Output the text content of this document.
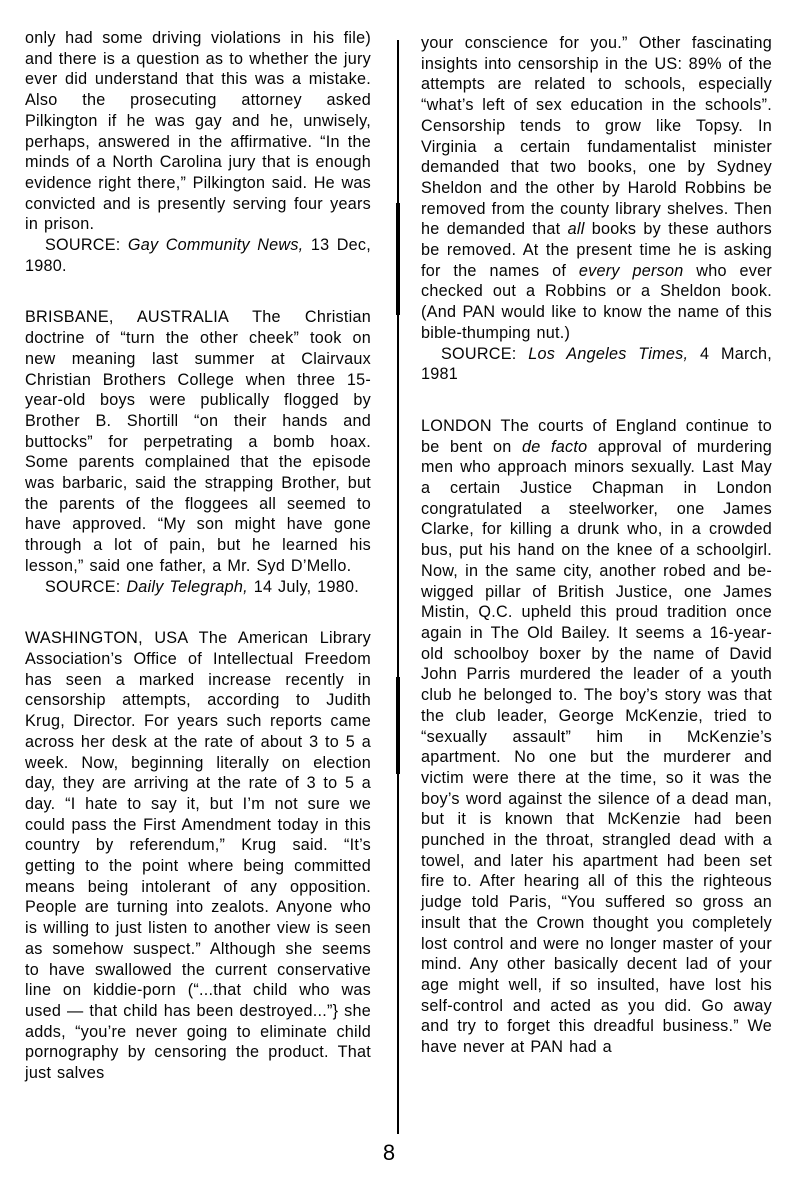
only had some driving violations in his file) and there is a question as to whether the jury ever did understand that this was a mistake. Also the prosecuting attorney asked Pilkington if he was gay and he, unwisely, perhaps, answered in the affirmative. “In the minds of a North Carolina jury that is enough evidence right there,” Pilkington said. He was convicted and is presently serving four years in prison.

SOURCE: Gay Community News, 13 Dec, 1980.

BRISBANE, AUSTRALIA The Christian doctrine of “turn the other cheek” took on new meaning last summer at Clairvaux Christian Brothers College when three 15-year-old boys were publically flogged by Brother B. Shortill “on their hands and buttocks” for perpetrating a bomb hoax. Some parents complained that the episode was barbaric, said the strapping Brother, but the parents of the floggees all seemed to have approved. “My son might have gone through a lot of pain, but he learned his lesson,” said one father, a Mr. Syd D’Mello.

SOURCE: Daily Telegraph, 14 July, 1980.

WASHINGTON, USA The American Library Association’s Office of Intellectual Freedom has seen a marked increase recently in censorship attempts, according to Judith Krug, Director. For years such reports came across her desk at the rate of about 3 to 5 a week. Now, beginning literally on election day, they are arriving at the rate of 3 to 5 a day. “I hate to say it, but I’m not sure we could pass the First Amendment today in this country by referendum,” Krug said. “It’s getting to the point where being committed means being intolerant of any opposition. People are turning into zealots. Anyone who is willing to just listen to another view is seen as somehow suspect.” Although she seems to have swallowed the current conservative line on kiddie-porn (“...that child who was used — that child has been destroyed...”} she adds, “you’re never going to eliminate child pornography by censoring the product. That just salves

your conscience for you.” Other fascinating insights into censorship in the US: 89% of the attempts are related to schools, especially “what’s left of sex education in the schools”. Censorship tends to grow like Topsy. In Virginia a certain fundamentalist minister demanded that two books, one by Sydney Sheldon and the other by Harold Robbins be removed from the county library shelves. Then he demanded that all books by these authors be removed. At the present time he is asking for the names of every person who ever checked out a Robbins or a Sheldon book. (And PAN would like to know the name of this bible-thumping nut.)

SOURCE: Los Angeles Times, 4 March, 1981

LONDON The courts of England continue to be bent on de facto approval of murdering men who approach minors sexually. Last May a certain Justice Chapman in London congratulated a steelworker, one James Clarke, for killing a drunk who, in a crowded bus, put his hand on the knee of a schoolgirl. Now, in the same city, another robed and be-wigged pillar of British Justice, one James Mistin, Q.C. upheld this proud tradition once again in The Old Bailey. It seems a 16-year-old schoolboy boxer by the name of David John Parris murdered the leader of a youth club he belonged to. The boy’s story was that the club leader, George McKenzie, tried to “sexually assault” him in McKenzie’s apartment. No one but the murderer and victim were there at the time, so it was the boy’s word against the silence of a dead man, but it is known that McKenzie had been punched in the throat, strangled dead with a towel, and later his apartment had been set fire to. After hearing all of this the righteous judge told Paris, “You suffered so gross an insult that the Crown thought you completely lost control and were no longer master of your mind. Any other basically decent lad of your age might well, if so insulted, have lost his self-control and acted as you did. Go away and try to forget this dreadful business.” We have never at PAN had a

8
